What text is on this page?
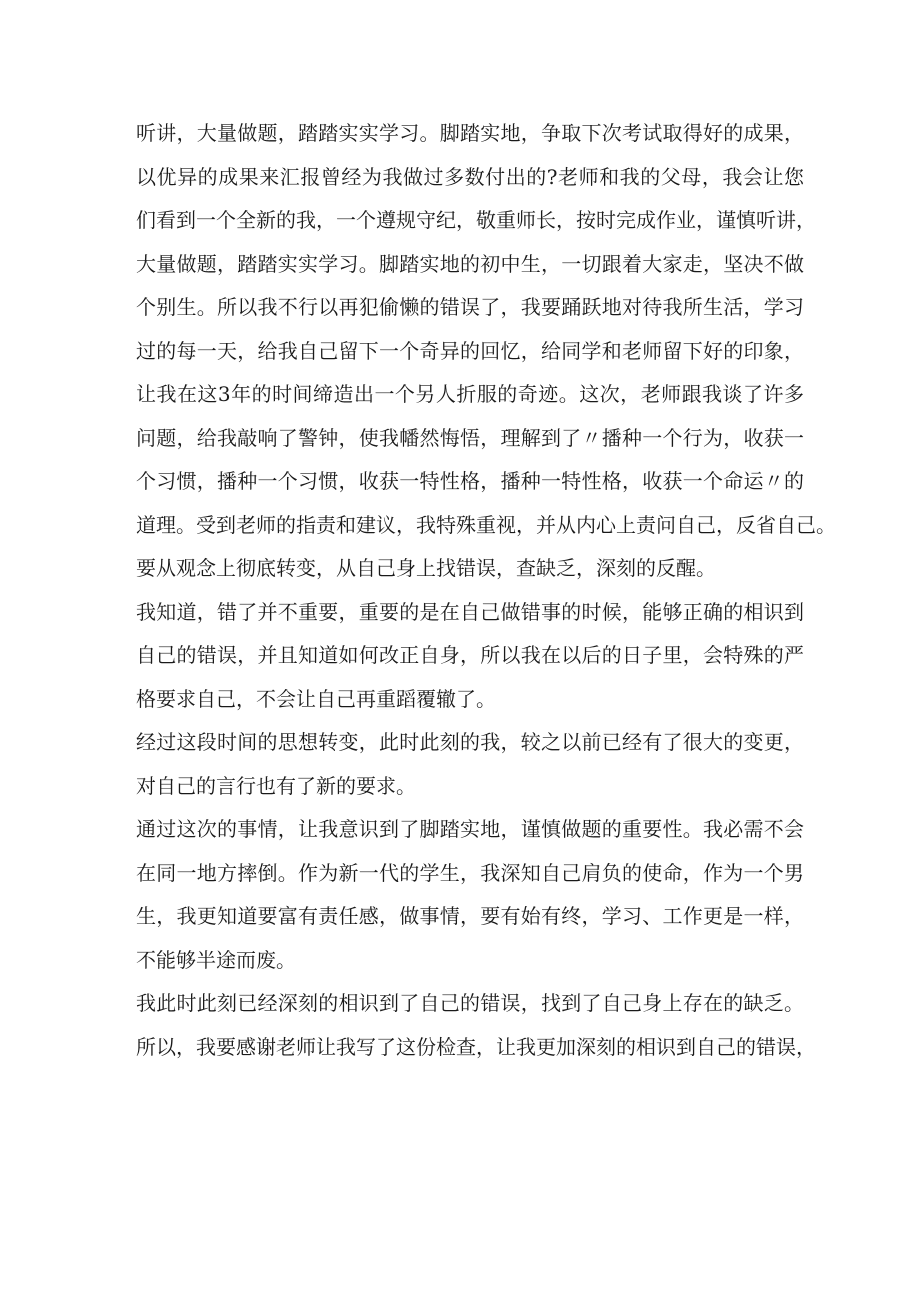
听讲，大量做题，踏踏实实学习。脚踏实地，争取下次考试取得好的成果，
以优异的成果来汇报曾经为我做过多数付出的?老师和我的父母，我会让您
们看到一个全新的我，一个遵规守纪，敬重师长，按时完成作业，谨慎听讲，
大量做题，踏踏实实学习。脚踏实地的初中生，一切跟着大家走，坚决不做
个别生。所以我不行以再犯偷懒的错误了，我要踊跃地对待我所生活，学习
过的每一天，给我自己留下一个奇异的回忆，给同学和老师留下好的印象，
让我在这3年的时间缔造出一个另人折服的奇迹。这次，老师跟我谈了许多
问题，给我敲响了警钟，使我幡然悔悟，理解到了〃播种一个行为，收获一
个习惯，播种一个习惯，收获一特性格，播种一特性格，收获一个命运〃的
道理。受到老师的指责和建议，我特殊重视，并从内心上责问自己，反省自己。
要从观念上彻底转变，从自己身上找错误，查缺乏，深刻的反醒。
我知道，错了并不重要，重要的是在自己做错事的时候，能够正确的相识到
自己的错误，并且知道如何改正自身，所以我在以后的日子里，会特殊的严
格要求自己，不会让自己再重蹈覆辙了。
经过这段时间的思想转变，此时此刻的我，较之以前已经有了很大的变更，
对自己的言行也有了新的要求。
通过这次的事情，让我意识到了脚踏实地，谨慎做题的重要性。我必需不会
在同一地方摔倒。作为新一代的学生，我深知自己肩负的使命，作为一个男
生，我更知道要富有责任感，做事情，要有始有终，学习、工作更是一样，
不能够半途而废。
我此时此刻已经深刻的相识到了自己的错误，找到了自己身上存在的缺乏。
所以，我要感谢老师让我写了这份检查，让我更加深刻的相识到自己的错误，
